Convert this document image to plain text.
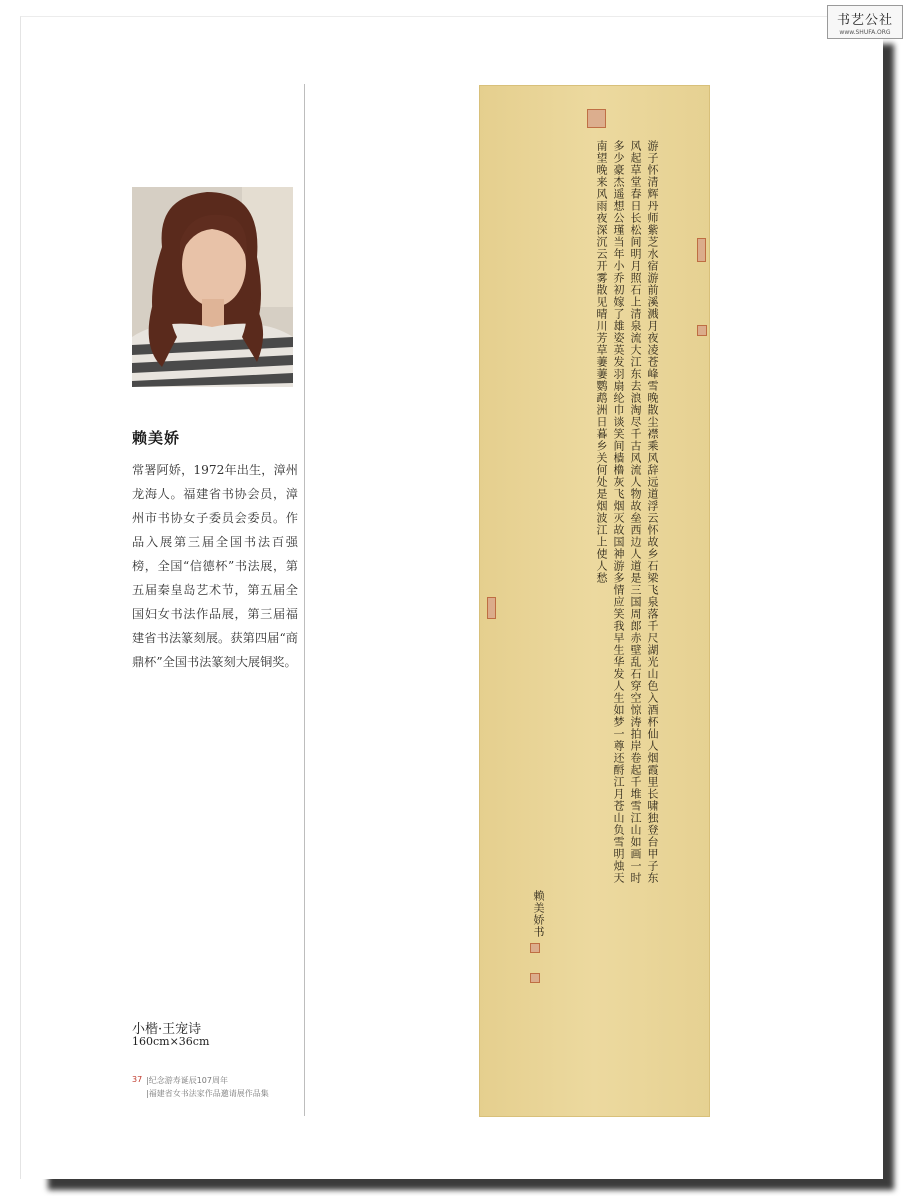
书艺公社
www.SHUFA.ORG
赖美娇

常署阿娇，1972年出生，漳州龙海人。福建省书协会员，漳州市书协女子委员会委员。作品入展第三届全国书法百强榜，全国“信德杯”书法展，第五届秦皇岛艺术节，第五届全国妇女书法作品展，第三届福建省书法篆刻展。获第四届“商鼎杯”全国书法篆刻大展铜奖。

小楷·王宠诗
160cm×36cm
37 |纪念游寿诞辰107周年
|福建省女书法家作品邀请展作品集
游子怀清辉丹师紫芝水宿游前溪溅月夜凌苍峰雪晚散尘襟乘风辞远道浮云怀故乡石梁飞泉落千尺湖光山色入酒杯仙人烟霞里长啸独登台甲子东风起草堂春日长松间明月照石上清泉流大江东去浪淘尽千古风流人物故垒西边人道是三国周郎赤壁乱石穿空惊涛拍岸卷起千堆雪江山如画一时多少豪杰遥想公瑾当年小乔初嫁了雄姿英发羽扇纶巾谈笑间樯橹灰飞烟灭故国神游多情应笑我早生华发人生如梦一尊还酹江月苍山负雪明烛天南望晚来风雨夜深沉云开雾散见晴川芳草萋萋鹦鹉洲日暮乡关何处是烟波江上使人愁
赖美娇书
